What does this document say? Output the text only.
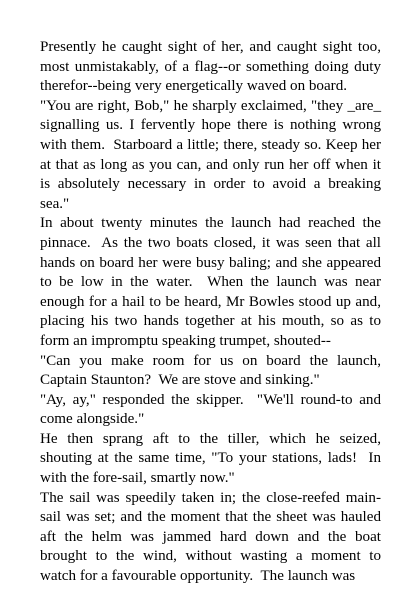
Presently he caught sight of her, and caught sight too, most unmistakably, of a flag--or something doing duty therefor--being very energetically waved on board.

"You are right, Bob," he sharply exclaimed, "they _are_ signalling us. I fervently hope there is nothing wrong with them.  Starboard a little; there, steady so. Keep her at that as long as you can, and only run her off when it is absolutely necessary in order to avoid a breaking sea."

In about twenty minutes the launch had reached the pinnace.  As the two boats closed, it was seen that all hands on board her were busy baling; and she appeared to be low in the water.  When the launch was near enough for a hail to be heard, Mr Bowles stood up and, placing his two hands together at his mouth, so as to form an impromptu speaking trumpet, shouted--

"Can you make room for us on board the launch, Captain Staunton?  We are stove and sinking."

"Ay, ay," responded the skipper.  "We'll round-to and come alongside."

He then sprang aft to the tiller, which he seized, shouting at the same time, "To your stations, lads!  In with the fore-sail, smartly now."

The sail was speedily taken in; the close-reefed main-sail was set; and the moment that the sheet was hauled aft the helm was jammed hard down and the boat brought to the wind, without wasting a moment to watch for a favourable opportunity.  The launch was
